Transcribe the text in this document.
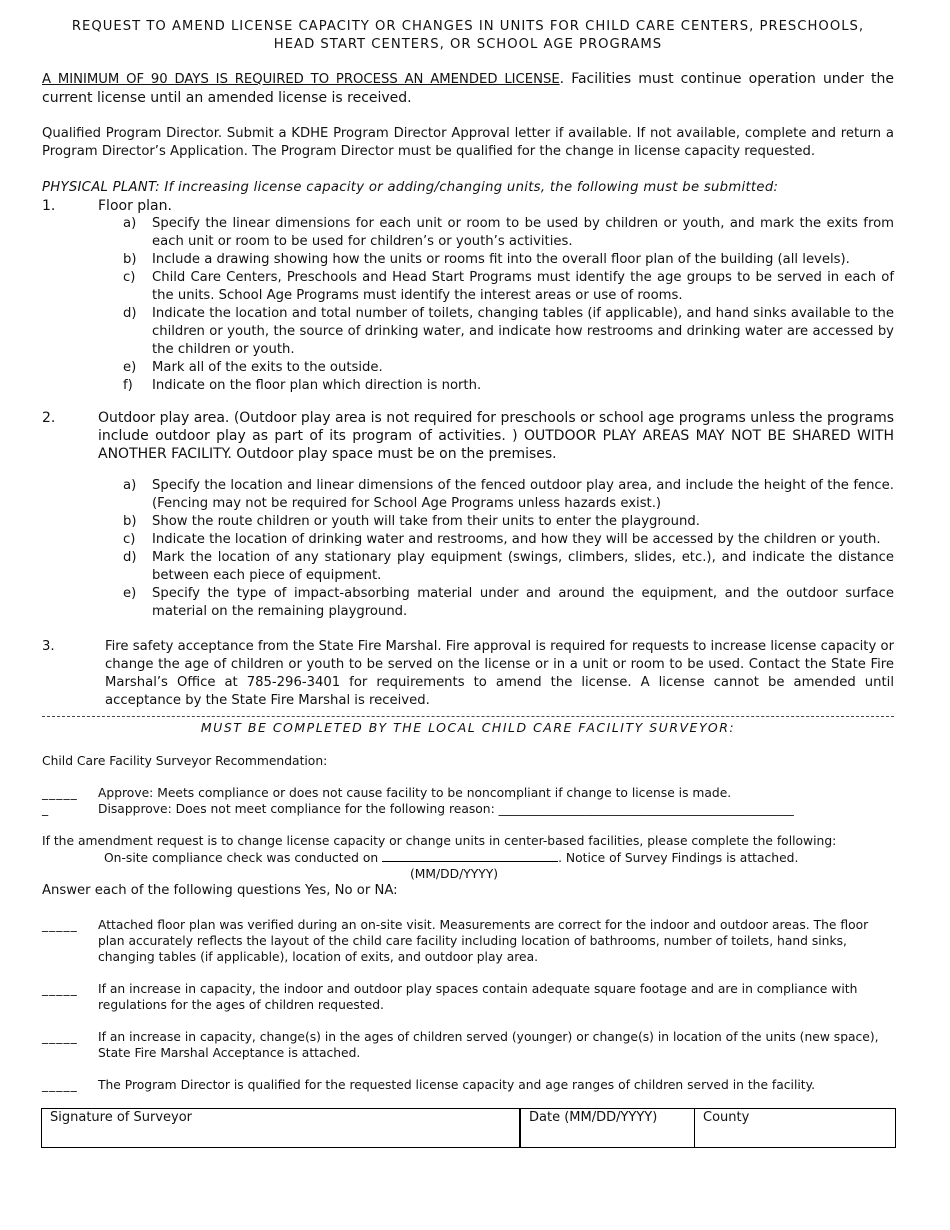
REQUEST TO AMEND LICENSE CAPACITY OR CHANGES IN UNITS FOR CHILD CARE CENTERS, PRESCHOOLS,
HEAD START CENTERS, OR SCHOOL AGE PROGRAMS
A MINIMUM OF 90 DAYS IS REQUIRED TO PROCESS AN AMENDED LICENSE. Facilities must continue operation under the current license until an amended license is received.
Qualified Program Director. Submit a KDHE Program Director Approval letter if available. If not available, complete and return a Program Director’s Application. The Program Director must be qualified for the change in license capacity requested.
PHYSICAL PLANT: If increasing license capacity or adding/changing units, the following must be submitted:
1.	Floor plan.
a)	Specify the linear dimensions for each unit or room to be used by children or youth, and mark the exits from each unit or room to be used for children’s or youth’s activities.
b)	Include a drawing showing how the units or rooms fit into the overall floor plan of the building (all levels).
c)	Child Care Centers, Preschools and Head Start Programs must identify the age groups to be served in each of the units. School Age Programs must identify the interest areas or use of rooms.
d)	Indicate the location and total number of toilets, changing tables (if applicable), and hand sinks available to the children or youth, the source of drinking water, and indicate how restrooms and drinking water are accessed by the children or youth.
e)	Mark all of the exits to the outside.
f)	Indicate on the floor plan which direction is north.
2.	Outdoor play area. (Outdoor play area is not required for preschools or school age programs unless the programs include outdoor play as part of its program of activities. ) OUTDOOR PLAY AREAS MAY NOT BE SHARED WITH ANOTHER FACILITY. Outdoor play space must be on the premises.
a)	Specify the location and linear dimensions of the fenced outdoor play area, and include the height of the fence. (Fencing may not be required for School Age Programs unless hazards exist.)
b)	Show the route children or youth will take from their units to enter the playground.
c)	Indicate the location of drinking water and restrooms, and how they will be accessed by the children or youth.
d)	Mark the location of any stationary play equipment (swings, climbers, slides, etc.), and indicate the distance between each piece of equipment.
e)	Specify the type of impact-absorbing material under and around the equipment, and the outdoor surface material on the remaining playground.
3.	Fire safety acceptance from the State Fire Marshal. Fire approval is required for requests to increase license capacity or change the age of children or youth to be served on the license or in a unit or room to be used. Contact the State Fire Marshal’s Office at 785-296-3401 for requirements to amend the license. A license cannot be amended until acceptance by the State Fire Marshal is received.
MUST BE COMPLETED BY THE LOCAL CHILD CARE FACILITY SURVEYOR:
Child Care Facility Surveyor Recommendation:
_____	Approve: Meets compliance or does not cause facility to be noncompliant if change to license is made.
_	Disapprove: Does not meet compliance for the following reason: ________________________________________________
If the amendment request is to change license capacity or change units in center-based facilities, please complete the following:
On-site compliance check was conducted on	. Notice of Survey Findings is attached.
(MM/DD/YYYY)
Answer each of the following questions Yes, No or NA:
_____	Attached floor plan was verified during an on-site visit. Measurements are correct for the indoor and outdoor areas. The floor plan accurately reflects the layout of the child care facility including location of bathrooms, number of toilets, hand sinks, changing tables (if applicable), location of exits, and outdoor play area.
_____	If an increase in capacity, the indoor and outdoor play spaces contain adequate square footage and are in compliance with regulations for the ages of children requested.
_____	If an increase in capacity, change(s) in the ages of children served (younger) or change(s) in location of the units (new space), State Fire Marshal Acceptance is attached.
_____	The Program Director is qualified for the requested license capacity and age ranges of children served in the facility.
Signature of Surveyor	Date (MM/DD/YYYY)	County
